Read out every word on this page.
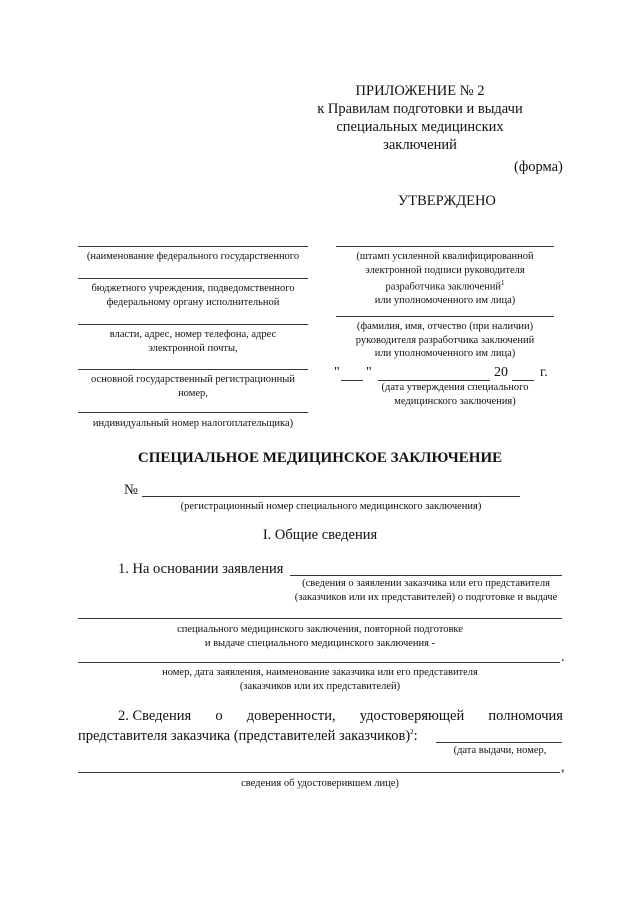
ПРИЛОЖЕНИЕ № 2
к Правилам подготовки и выдачи
специальных медицинских заключений
(форма)
УТВЕРЖДЕНО
(наименование федерального государственного
бюджетного учреждения, подведомственного
федеральному органу исполнительной
власти, адрес, номер телефона, адрес
электронной почты,
основной государственный регистрационный
номер,
индивидуальный номер налогоплательщика)
(штамп усиленной квалифицированной
электронной подписи руководителя
разработчика заключений$^1$
или уполномоченного им лица)
(фамилия, имя, отчество (при наличии)
руководителя разработчика заключений
или уполномоченного им лица)
" "	20 г.
(дата утверждения специального
медицинского заключения)
СПЕЦИАЛЬНОЕ МЕДИЦИНСКОЕ ЗАКЛЮЧЕНИЕ
№
(регистрационный номер специального медицинского заключения)
I. Общие сведения
1. На основании заявления
(сведения о заявлении заказчика или его представителя
(заказчиков или их представителей) о подготовке и выдаче
специального медицинского заключения, повторной подготовке
и выдаче специального медицинского заключения -
.
номер, дата заявления, наименование заказчика или его представителя
(заказчиков или их представителей)
2. Сведения о доверенности, удостоверяющей полномочия
представителя заказчика (представителей заказчиков)$^2$:
(дата выдачи, номер,
,
сведения об удостоверившем лице)
